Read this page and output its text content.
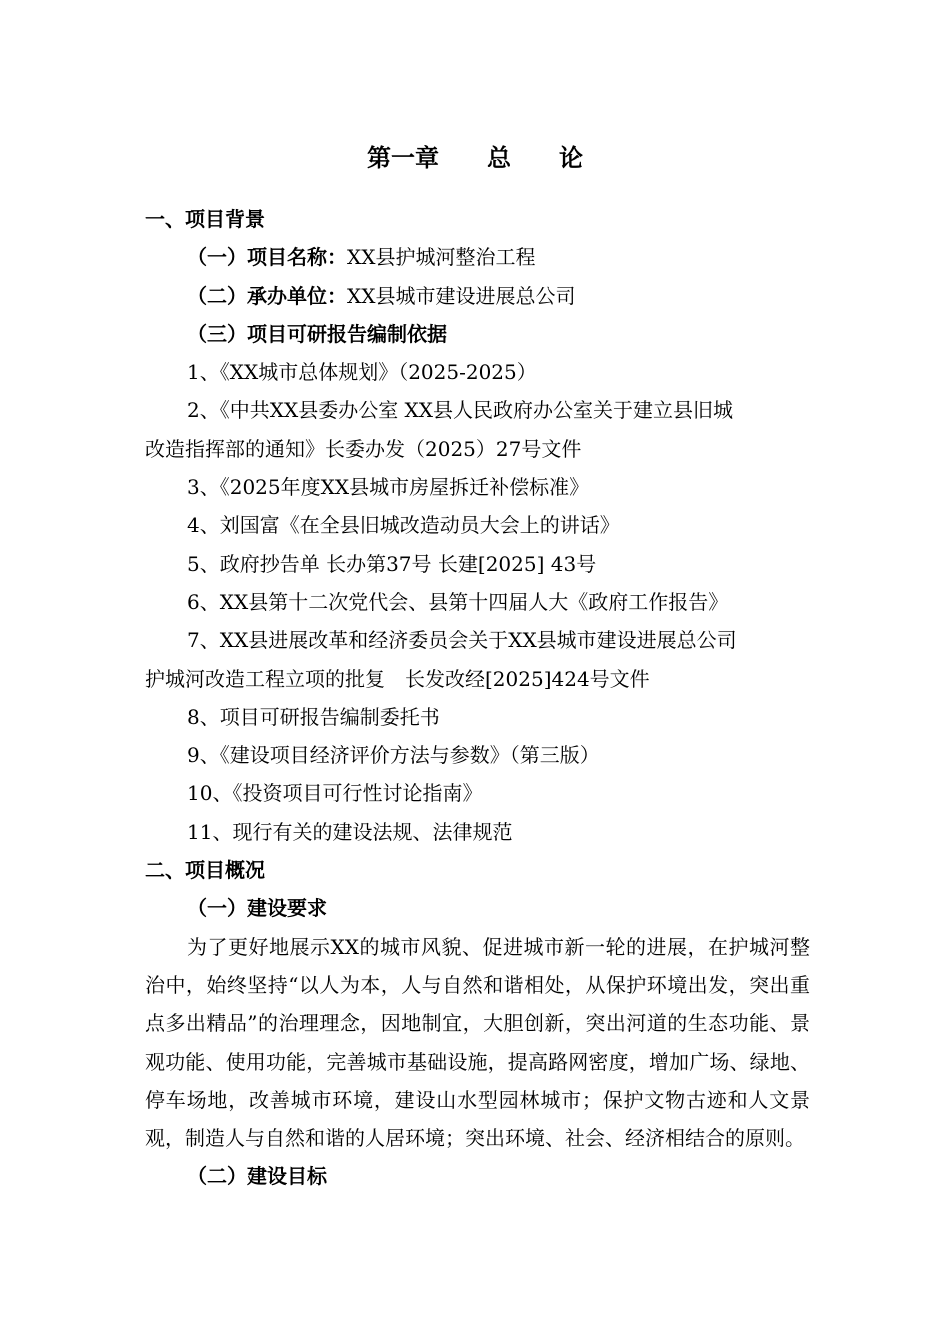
第一章　　总　　论
一、项目背景
（一）项目名称：XX县护城河整治工程
（二）承办单位：XX县城市建设进展总公司
（三）项目可研报告编制依据
1、《XX城市总体规划》（2025-2025）
2、《中共XX县委办公室 XX县人民政府办公室关于建立县旧城
改造指挥部的通知》长委办发（2025）27号文件
3、《2025年度XX县城市房屋拆迁补偿标准》
4、刘国富《在全县旧城改造动员大会上的讲话》
5、政府抄告单 长办第37号 长建[2025] 43号
6、XX县第十二次党代会、县第十四届人大《政府工作报告》
7、XX县进展改革和经济委员会关于XX县城市建设进展总公司
护城河改造工程立项的批复　长发改经[2025]424号文件
8、项目可研报告编制委托书
9、《建设项目经济评价方法与参数》（第三版）
10、《投资项目可行性讨论指南》
11、现行有关的建设法规、法律规范
二、项目概况
（一）建设要求

为了更好地展示XX的城市风貌、促进城市新一轮的进展，在护城河整治中，始终坚持“以人为本，人与自然和谐相处，从保护环境出发，突出重点多出精品”的治理理念，因地制宜，大胆创新，突出河道的生态功能、景观功能、使用功能，完善城市基础设施，提高路网密度，增加广场、绿地、停车场地，改善城市环境，建设山水型园林城市；保护文物古迹和人文景观，制造人与自然和谐的人居环境；突出环境、社会、经济相结合的原则。

（二）建设目标
